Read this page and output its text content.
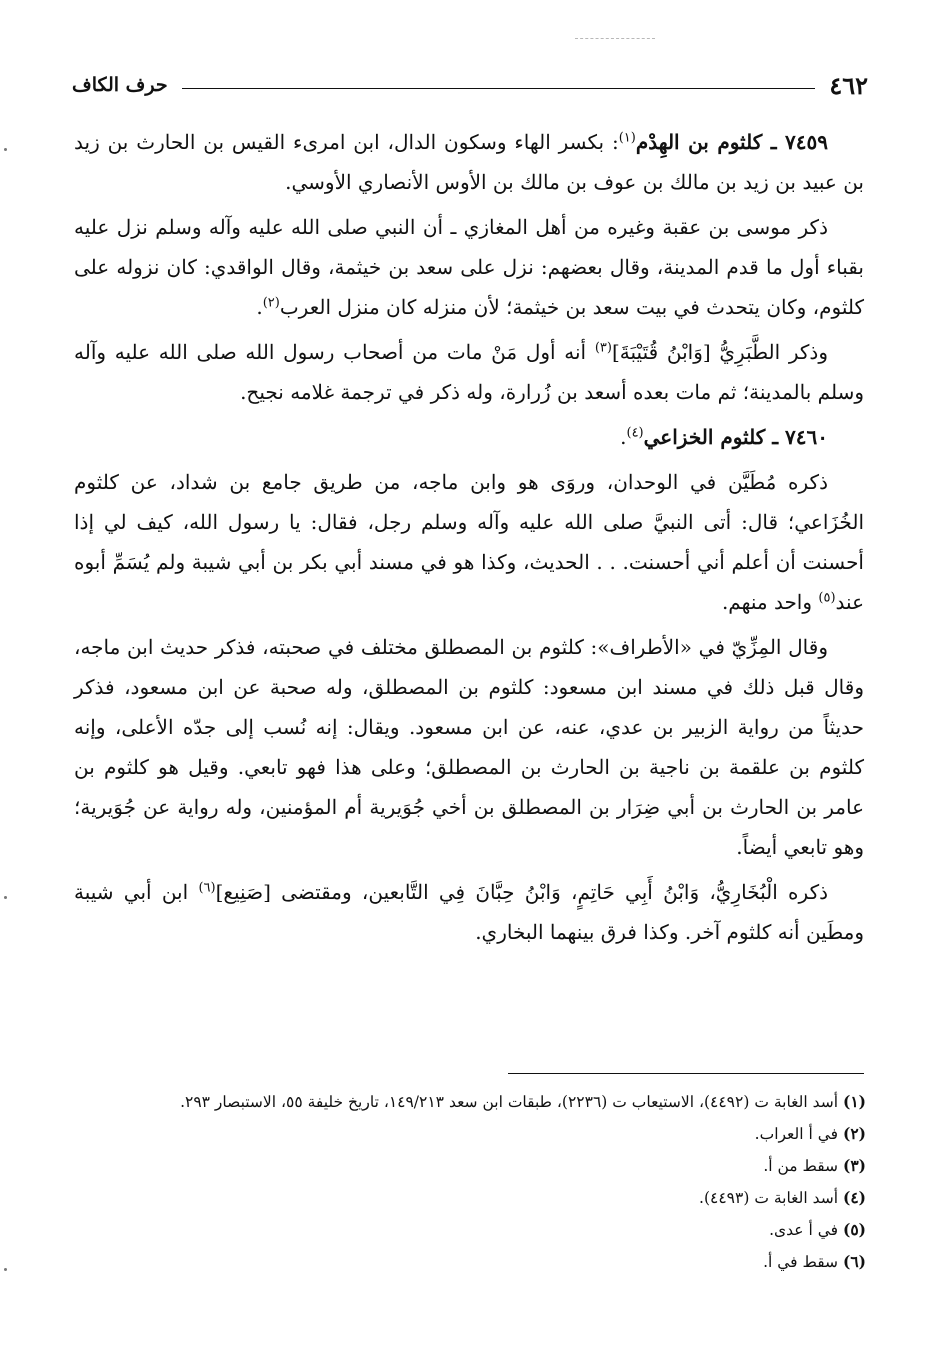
٤٦٢
حرف الكاف

٧٤٥٩ ـ كلثوم بن الهِدْم$^{(١)}$: بكسر الهاء وسكون الدال، ابن امرىء القيس بن الحارث بن زيد بن عبيد بن زيد بن مالك بن عوف بن مالك بن الأوس الأنصاري الأوسي.

ذكر موسى بن عقبة وغيره من أهل المغازي ـ أن النبي صلى الله عليه وآله وسلم نزل عليه بقباء أول ما قدم المدينة، وقال بعضهم: نزل على سعد بن خيثمة، وقال الواقدي: كان نزوله على كلثوم، وكان يتحدث في بيت سعد بن خيثمة؛ لأن منزله كان منزل العرب$^{(٢)}$.

وذكر الطَّبَرِيُّ [وَابْنُ قُتَيْبَةَ]$^{(٣)}$ أنه أول مَنْ مات من أصحاب رسول الله صلى الله عليه وآله وسلم بالمدينة؛ ثم مات بعده أسعد بن زُرارة، وله ذكر في ترجمة غلامه نجيح.

٧٤٦٠ ـ كلثوم الخزاعي$^{(٤)}$.

ذكره مُطَيَّن في الوحدان، وروَى هو وابن ماجه، من طريق جامع بن شداد، عن كلثوم الخُزَاعي؛ قال: أتى النبيَّ صلى الله عليه وآله وسلم رجل، فقال: يا رسول الله، كيف لي إذا أحسنت أن أعلم أني أحسنت. . . الحديث، وكذا هو في مسند أبي بكر بن أبي شيبة ولم يُسَمِّ أبوه عند$^{(٥)}$ واحد منهم.

وقال المِزِّيّ في «الأطراف»: كلثوم بن المصطلق مختلف في صحبته، فذكر حديث ابن ماجه، وقال قبل ذلك في مسند ابن مسعود: كلثوم بن المصطلق، وله صحبة عن ابن مسعود، فذكر حديثاً من رواية الزبير بن عدي، عنه، عن ابن مسعود. ويقال: إنه نُسب إلى جدّه الأعلى، وإنه كلثوم بن علقمة بن ناجية بن الحارث بن المصطلق؛ وعلى هذا فهو تابعي. وقيل هو كلثوم بن عامر بن الحارث بن أبي ضِرَار بن المصطلق بن أخي جُوَيرية أم المؤمنين، وله رواية عن جُوَيرية؛ وهو تابعي أيضاً.

ذكره الْبُخَارِيُّ، وَابْنُ أَبِي حَاتِمٍ، وَابْنُ حِبَّانَ فِي التَّابعين، ومقتضى [صَنِيع]$^{(٦)}$ ابن أبي شيبة ومطَين أنه كلثوم آخر. وكذا فرق بينهما البخاري.

(١) أسد الغابة ت (٤٤٩٢)، الاستيعاب ت (٢٢٣٦)، طبقات ابن سعد ١٤٩/٢١٣، تاريخ خليفة ٥٥، الاستبصار ٢٩٣.

(٢) في أ العراب.

(٣) سقط من أ.

(٤) أسد الغابة ت (٤٤٩٣).

(٥) في أ عدى.

(٦) سقط في أ.
